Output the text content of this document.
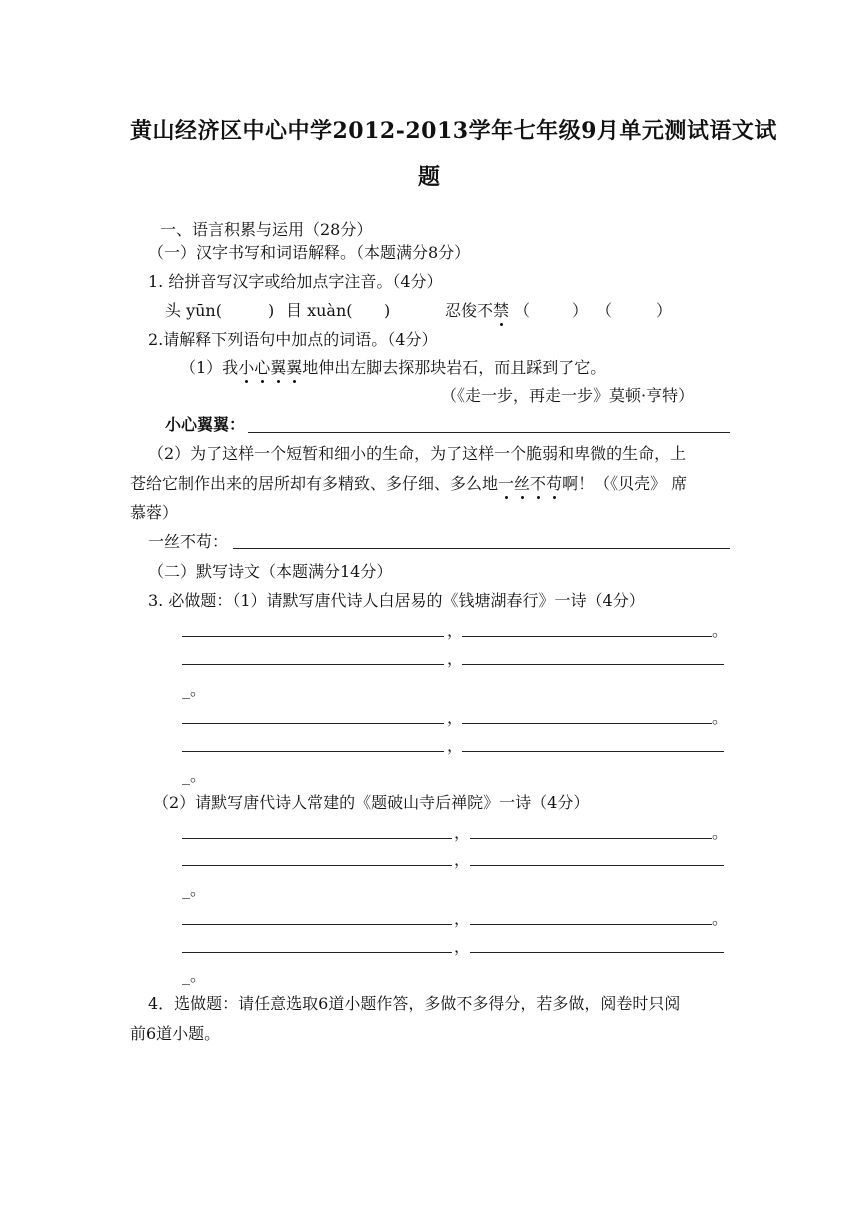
黄山经济区中心中学2012-2013学年七年级9月单元测试语文试
题
一、语言积累与运用（28分）
（一）汉字书写和词语解释。（本题满分8分）
1. 给拼音写汉字或给加点字注音。（4分）
头 yūn(	) 目 xuàn( )	忍俊不禁 （	） （	）
2.请解释下列语句中加点的词语。（4分）
（1）我小心翼翼地伸出左脚去探那块岩石，而且踩到了它。
（《走一步，再走一步》莫顿·亨特）
小心翼翼：
（2）为了这样一个短暂和细小的生命，为了这样一个脆弱和卑微的生命，上
苍给它制作出来的居所却有多精致、多仔细、多么地一丝不苟啊！（《贝壳》 席
慕蓉）
一丝不苟：
（二）默写诗文（本题满分14分）
3. 必做题：（1）请默写唐代诗人白居易的《钱塘湖春行》一诗（4分）
，	。
，
_。
，	。
，
_。
（2）请默写唐代诗人常建的《题破山寺后禅院》一诗（4分）
，	。
，
_。
，	。
，
_。
4．选做题：请任意选取6道小题作答，多做不多得分，若多做，阅卷时只阅
前6道小题。
